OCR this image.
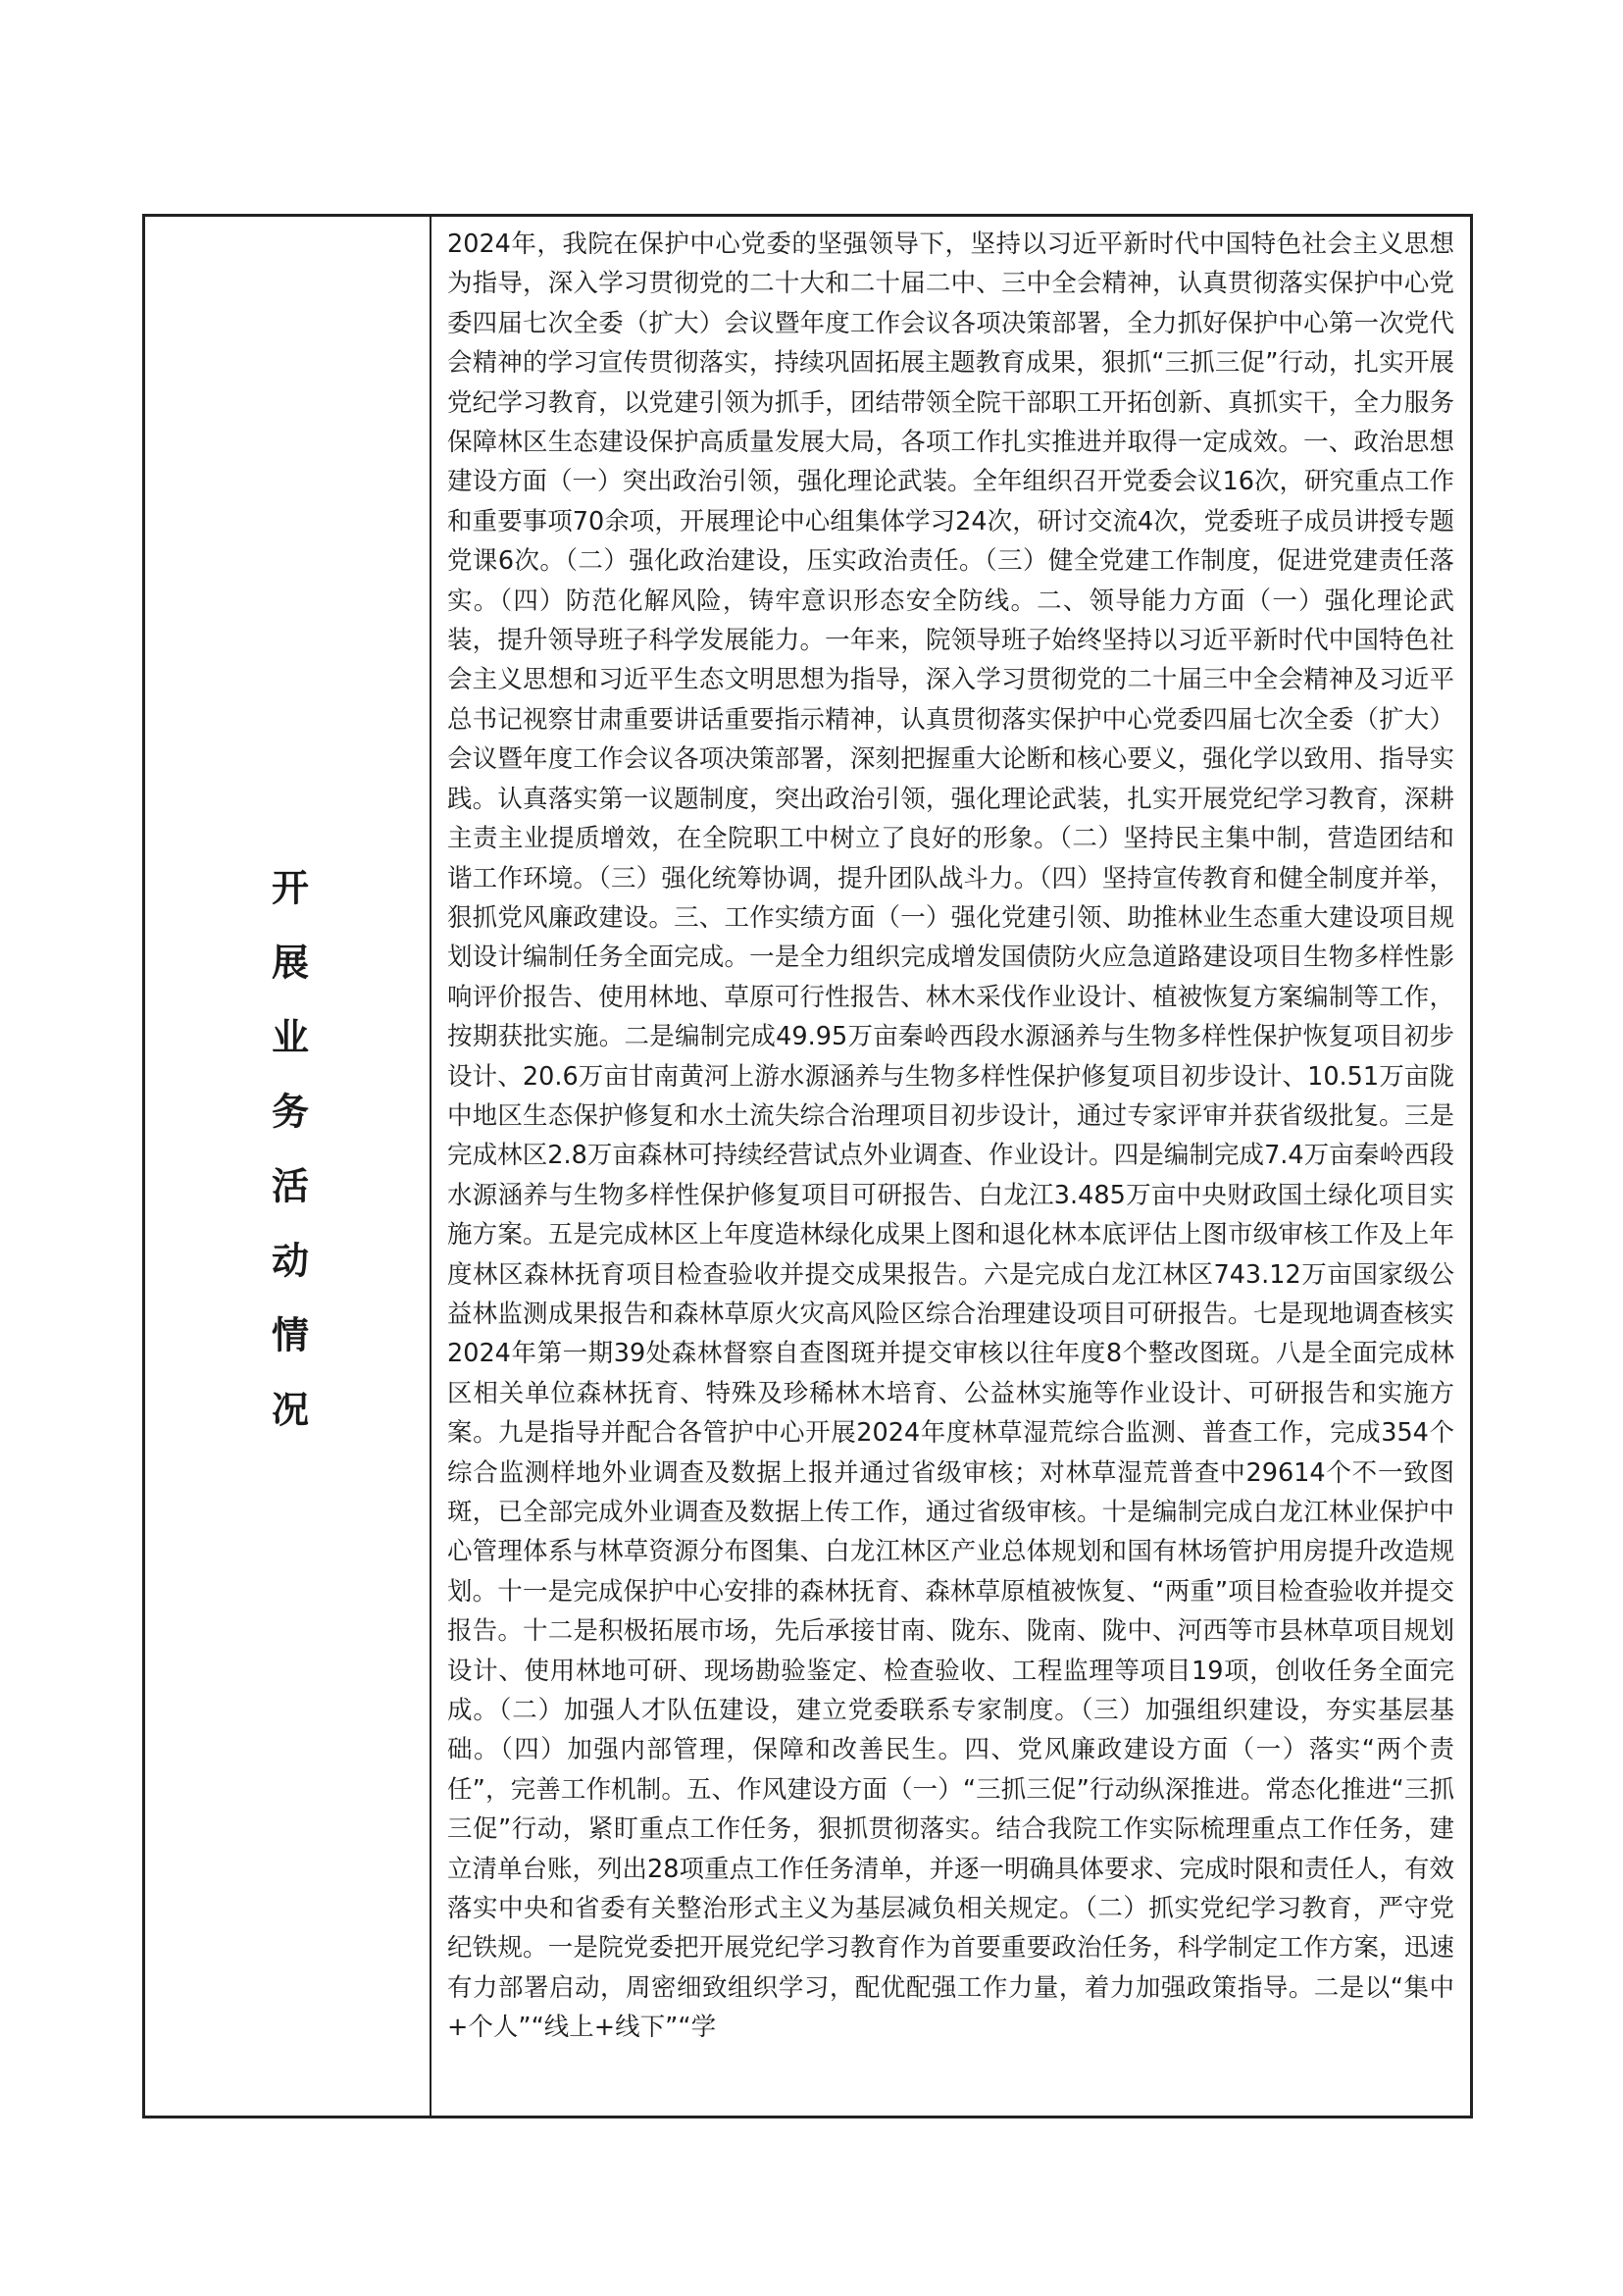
开展业务活动情况

2024年，我院在保护中心党委的坚强领导下，坚持以习近平新时代中国特色社会主义思想为指导，深入学习贯彻党的二十大和二十届二中、三中全会精神，认真贯彻落实保护中心党委四届七次全委（扩大）会议暨年度工作会议各项决策部署，全力抓好保护中心第一次党代会精神的学习宣传贯彻落实，持续巩固拓展主题教育成果，狠抓“三抓三促”行动，扎实开展党纪学习教育，以党建引领为抓手，团结带领全院干部职工开拓创新、真抓实干，全力服务保障林区生态建设保护高质量发展大局，各项工作扎实推进并取得一定成效。一、政治思想建设方面（一）突出政治引领，强化理论武装。全年组织召开党委会议16次，研究重点工作和重要事项70余项，开展理论中心组集体学习24次，研讨交流4次，党委班子成员讲授专题党课6次。（二）强化政治建设，压实政治责任。（三）健全党建工作制度，促进党建责任落实。（四）防范化解风险，铸牢意识形态安全防线。二、领导能力方面（一）强化理论武装，提升领导班子科学发展能力。一年来，院领导班子始终坚持以习近平新时代中国特色社会主义思想和习近平生态文明思想为指导，深入学习贯彻党的二十届三中全会精神及习近平总书记视察甘肃重要讲话重要指示精神，认真贯彻落实保护中心党委四届七次全委（扩大）会议暨年度工作会议各项决策部署，深刻把握重大论断和核心要义，强化学以致用、指导实践。认真落实第一议题制度，突出政治引领，强化理论武装，扎实开展党纪学习教育，深耕主责主业提质增效，在全院职工中树立了良好的形象。（二）坚持民主集中制，营造团结和谐工作环境。（三）强化统筹协调，提升团队战斗力。（四）坚持宣传教育和健全制度并举，狠抓党风廉政建设。三、工作实绩方面（一）强化党建引领、助推林业生态重大建设项目规划设计编制任务全面完成。一是全力组织完成增发国债防火应急道路建设项目生物多样性影响评价报告、使用林地、草原可行性报告、林木采伐作业设计、植被恢复方案编制等工作，按期获批实施。二是编制完成49.95万亩秦岭西段水源涵养与生物多样性保护恢复项目初步设计、20.6万亩甘南黄河上游水源涵养与生物多样性保护修复项目初步设计、10.51万亩陇中地区生态保护修复和水土流失综合治理项目初步设计，通过专家评审并获省级批复。三是完成林区2.8万亩森林可持续经营试点外业调查、作业设计。四是编制完成7.4万亩秦岭西段水源涵养与生物多样性保护修复项目可研报告、白龙江3.485万亩中央财政国土绿化项目实施方案。五是完成林区上年度造林绿化成果上图和退化林本底评估上图市级审核工作及上年度林区森林抚育项目检查验收并提交成果报告。六是完成白龙江林区743.12万亩国家级公益林监测成果报告和森林草原火灾高风险区综合治理建设项目可研报告。七是现地调查核实2024年第一期39处森林督察自查图斑并提交审核以往年度8个整改图斑。八是全面完成林区相关单位森林抚育、特殊及珍稀林木培育、公益林实施等作业设计、可研报告和实施方案。九是指导并配合各管护中心开展2024年度林草湿荒综合监测、普查工作，完成354个综合监测样地外业调查及数据上报并通过省级审核；对林草湿荒普查中29614个不一致图斑，已全部完成外业调查及数据上传工作，通过省级审核。十是编制完成白龙江林业保护中心管理体系与林草资源分布图集、白龙江林区产业总体规划和国有林场管护用房提升改造规划。十一是完成保护中心安排的森林抚育、森林草原植被恢复、“两重”项目检查验收并提交报告。十二是积极拓展市场，先后承接甘南、陇东、陇南、陇中、河西等市县林草项目规划设计、使用林地可研、现场勘验鉴定、检查验收、工程监理等项目19项，创收任务全面完成。（二）加强人才队伍建设，建立党委联系专家制度。（三）加强组织建设，夯实基层基础。（四）加强内部管理，保障和改善民生。四、党风廉政建设方面（一）落实“两个责任”，完善工作机制。五、作风建设方面（一）“三抓三促”行动纵深推进。常态化推进“三抓三促”行动，紧盯重点工作任务，狠抓贯彻落实。结合我院工作实际梳理重点工作任务，建立清单台账，列出28项重点工作任务清单，并逐一明确具体要求、完成时限和责任人，有效落实中央和省委有关整治形式主义为基层减负相关规定。（二）抓实党纪学习教育，严守党纪铁规。一是院党委把开展党纪学习教育作为首要重要政治任务，科学制定工作方案，迅速有力部署启动，周密细致组织学习，配优配强工作力量，着力加强政策指导。二是以“集中+个人”“线上+线下”“学
